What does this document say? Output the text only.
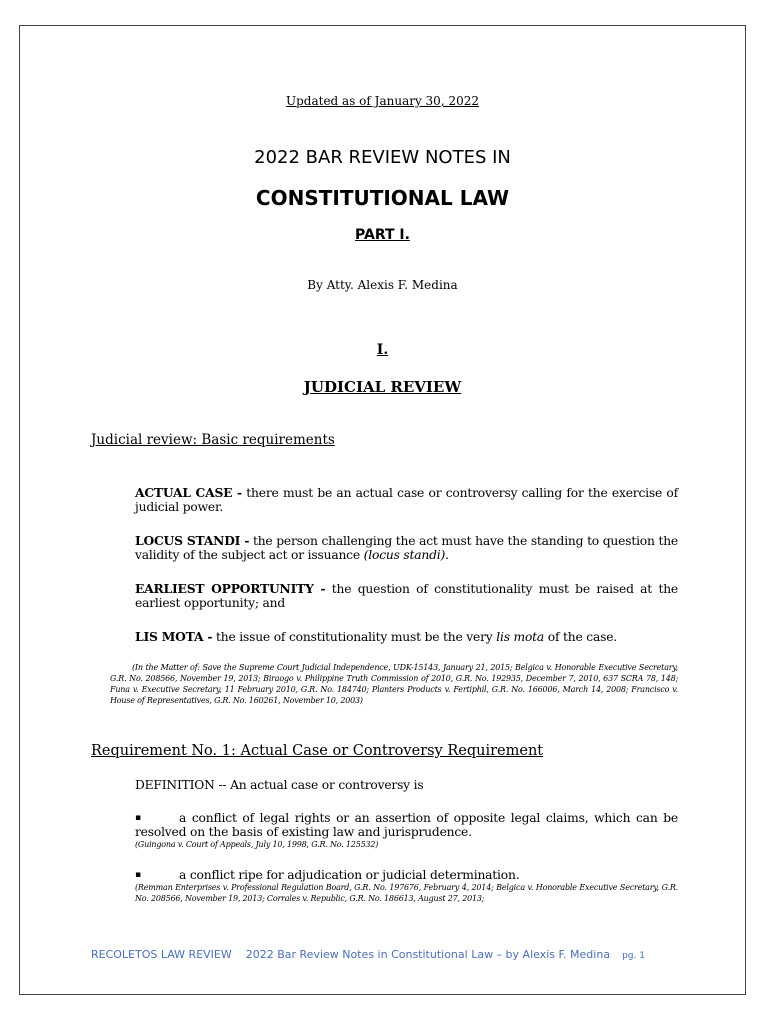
Updated as of January 30, 2022
2022 BAR REVIEW NOTES IN
CONSTITUTIONAL LAW
PART I.
By Atty. Alexis F. Medina
I.
JUDICIAL REVIEW
Judicial review: Basic requirements
ACTUAL CASE - there must be an actual case or controversy calling for the exercise of judicial power.
LOCUS STANDI - the person challenging the act must have the standing to question the validity of the subject act or issuance (locus standi).
EARLIEST OPPORTUNITY - the question of constitutionality must be raised at the earliest opportunity; and
LIS MOTA - the issue of constitutionality must be the very lis mota of the case.
(In the Matter of: Save the Supreme Court Judicial Independence, UDK-15143, January 21, 2015; Belgica v. Honorable Executive Secretary, G.R. No. 208566, November 19, 2013; Biraogo v. Philippine Truth Commission of 2010, G.R. No. 192935, December 7, 2010, 637 SCRA 78, 148; Funa v. Executive Secretary, 11 February 2010, G.R. No. 184740; Planters Products v. Fertiphil, G.R. No. 166006, March 14, 2008; Francisco v. House of Representatives, G.R. No. 160261, November 10, 2003)
Requirement No. 1: Actual Case or Controversy Requirement
DEFINITION -- An actual case or controversy is
▪	a conflict of legal rights or an assertion of opposite legal claims, which can be resolved on the basis of existing law and jurisprudence.
(Guingona v. Court of Appeals, July 10, 1998, G.R. No. 125532)
▪	a conflict ripe for adjudication or judicial determination.
(Remman Enterprises v. Professional Regulation Board, G.R. No. 197676, February 4, 2014; Belgica v. Honorable Executive Secretary, G.R. No. 208566, November 19, 2013; Corrales v. Republic, G.R. No. 186613, August 27, 2013;
RECOLETOS LAW REVIEW 2022 Bar Review Notes in Constitutional Law – by Alexis F. Medina pg. 1
